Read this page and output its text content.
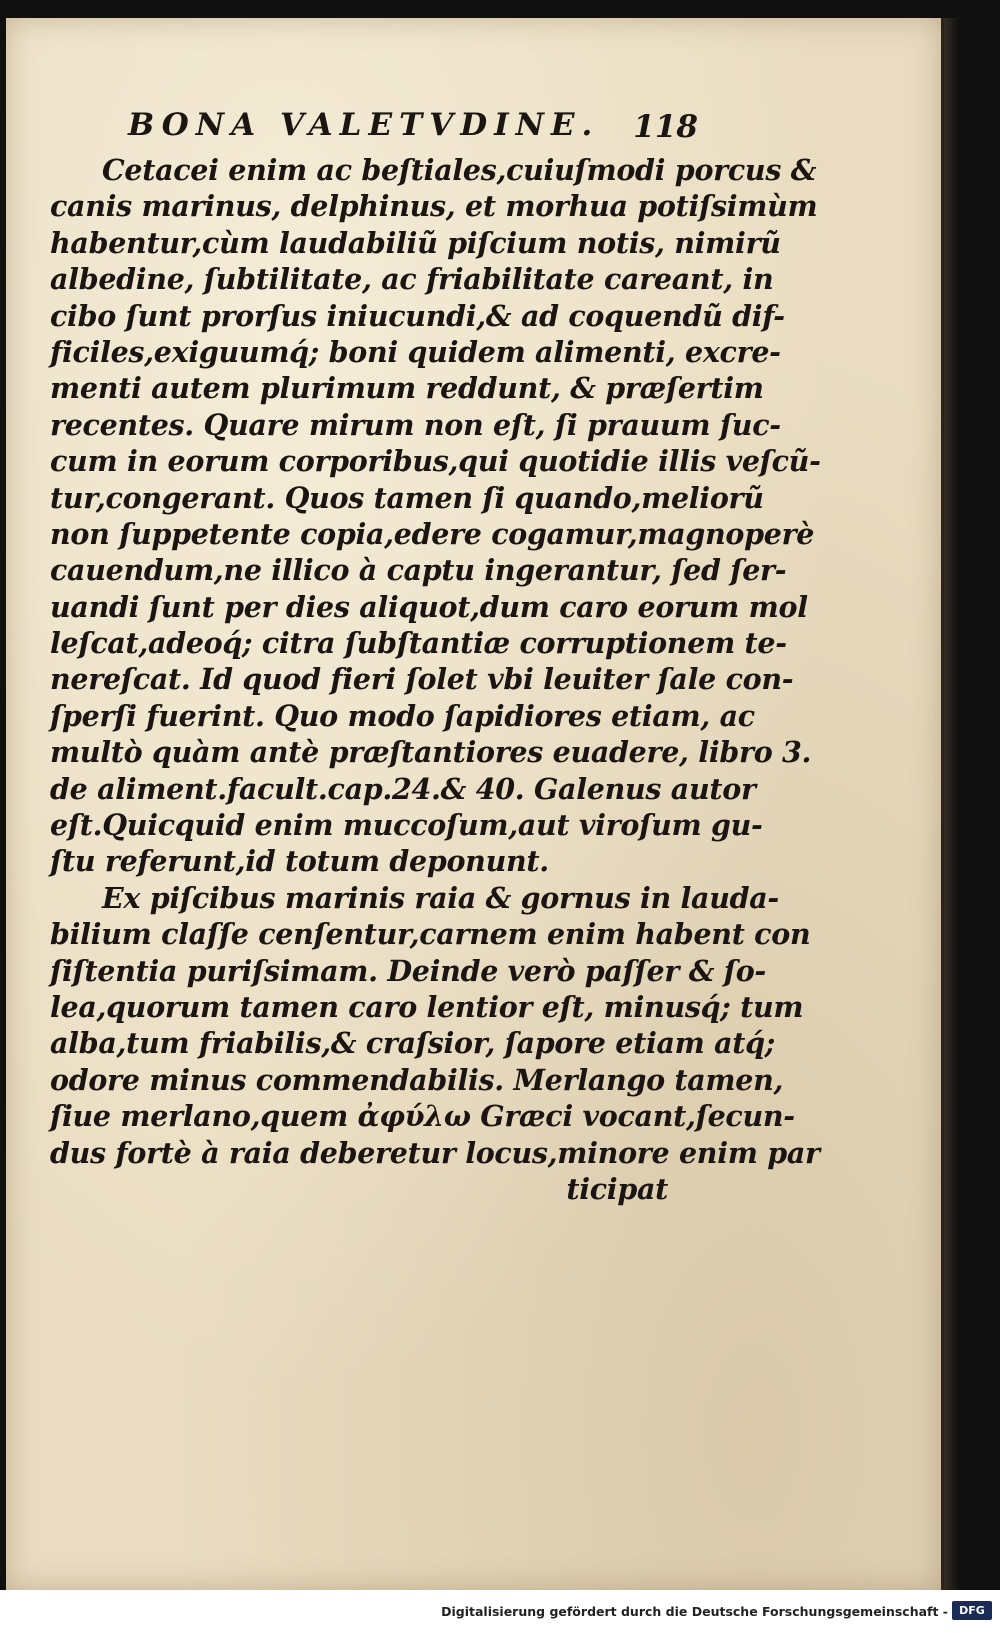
BONA VALETVDINE. 118
Cetacei enim ac beſtiales,cuiuſmodi porcus &
canis marinus, delphinus, et morhua potiſsimùm
habentur,cùm laudabiliũ piſcium notis, nimirũ
albedine, ſubtilitate, ac friabilitate careant, in
cibo ſunt prorſus iniucundi,& ad coquendũ dif-
ficiles,exiguumq́; boni quidem alimenti, excre-
menti autem plurimum reddunt, & præſertim
recentes. Quare mirum non eſt, ſi prauum ſuc-
cum in eorum corporibus,qui quotidie illis veſcũ-
tur,congerant. Quos tamen ſi quando,meliorũ
non ſuppetente copia,edere cogamur,magnoperè
cauendum,ne illico à captu ingerantur, ſed ſer-
uandi ſunt per dies aliquot,dum caro eorum mol
leſcat,adeoq́; citra ſubſtantiæ corruptionem te-
nereſcat. Id quod fieri ſolet vbi leuiter ſale con-
ſperſi fuerint. Quo modo ſapidiores etiam, ac
multò quàm antè præſtantiores euadere, libro 3.
de aliment.facult.cap.24.& 40. Galenus autor
eſt.Quicquid enim muccoſum,aut viroſum gu-
ſtu referunt,id totum deponunt.
Ex piſcibus marinis raia & gornus in lauda-
bilium claſſe cenſentur,carnem enim habent con
ſiſtentia puriſsimam. Deinde verò paſſer & ſo-
lea,quorum tamen caro lentior eſt, minusq́; tum
alba,tum friabilis,& craſsior, ſapore etiam atq́;
odore minus commendabilis. Merlango tamen,
ſiue merlano,quem ἀφύλω Græci vocant,ſecun-
dus fortè à raia deberetur locus,minore enim par
ticipat
Digitalisierung gefördert durch die Deutsche Forschungsgemeinschaft -	DFG
